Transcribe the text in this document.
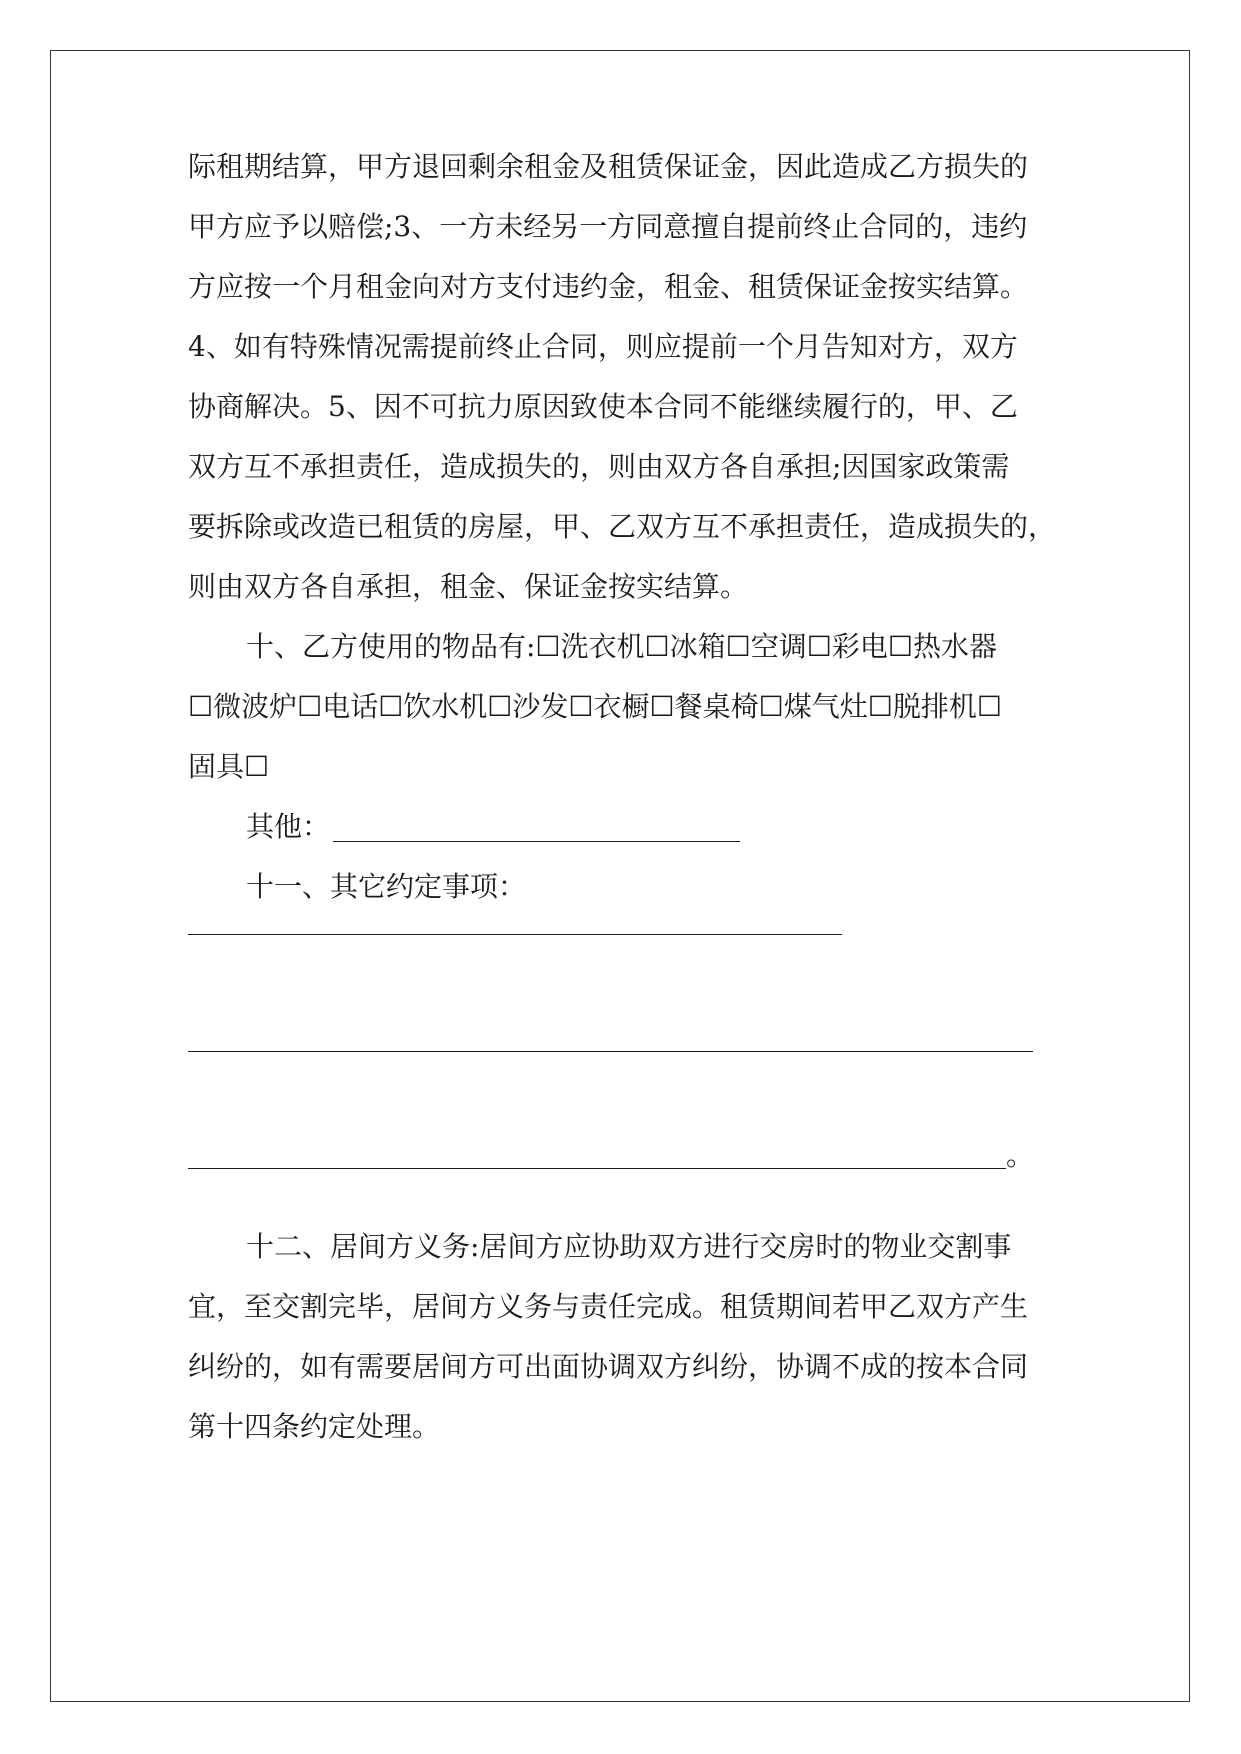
际租期结算，甲方退回剩余租金及租赁保证金，因此造成乙方损失的
甲方应予以赔偿;3、一方未经另一方同意擅自提前终止合同的，违约
方应按一个月租金向对方支付违约金，租金、租赁保证金按实结算。
4、如有特殊情况需提前终止合同，则应提前一个月告知对方，双方
协商解决。5、因不可抗力原因致使本合同不能继续履行的，甲、乙
双方互不承担责任，造成损失的，则由双方各自承担;因国家政策需
要拆除或改造已租赁的房屋，甲、乙双方互不承担责任，造成损失的，
则由双方各自承担，租金、保证金按实结算。
十、乙方使用的物品有:☐洗衣机☐冰箱☐空调☐彩电☐热水器
☐微波炉☐电话☐饮水机☐沙发☐衣橱☐餐桌椅☐煤气灶☐脱排机☐
固具☐
其他：
十一、其它约定事项：
。
十二、居间方义务:居间方应协助双方进行交房时的物业交割事
宜，至交割完毕，居间方义务与责任完成。租赁期间若甲乙双方产生
纠纷的，如有需要居间方可出面协调双方纠纷，协调不成的按本合同
第十四条约定处理。
